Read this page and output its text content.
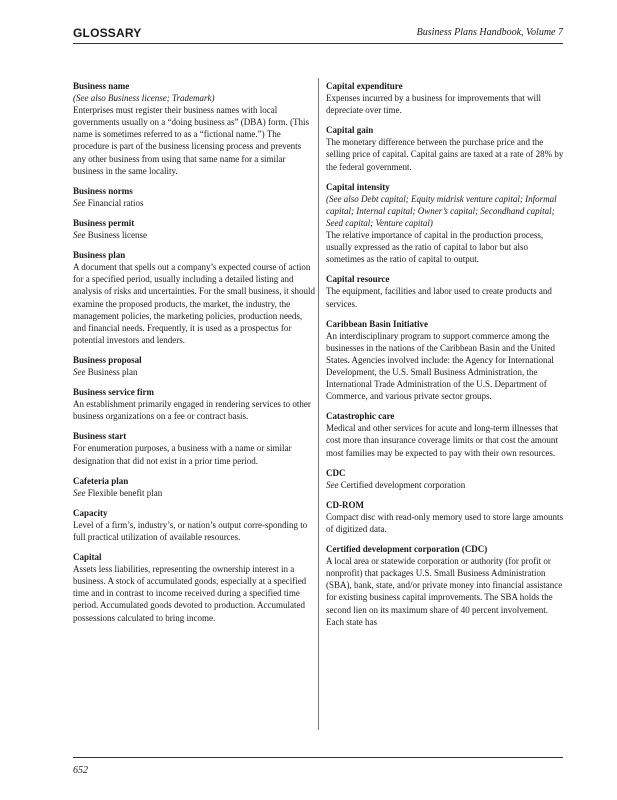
GLOSSARY	Business Plans Handbook, Volume 7
Business name
(See also Business license; Trademark)
Enterprises must register their business names with local governments usually on a “doing business as” (DBA) form. (This name is sometimes referred to as a “fictional name.”) The procedure is part of the business licensing process and prevents any other business from using that same name for a similar business in the same locality.
Business norms
See Financial ratios
Business permit
See Business license
Business plan
A document that spells out a company’s expected course of action for a specified period, usually including a detailed listing and analysis of risks and uncertainties. For the small business, it should examine the proposed products, the market, the industry, the management policies, the marketing policies, production needs, and financial needs. Frequently, it is used as a prospectus for potential investors and lenders.
Business proposal
See Business plan
Business service firm
An establishment primarily engaged in rendering services to other business organizations on a fee or contract basis.
Business start
For enumeration purposes, a business with a name or similar designation that did not exist in a prior time period.
Cafeteria plan
See Flexible benefit plan
Capacity
Level of a firm’s, industry’s, or nation’s output corre-sponding to full practical utilization of available resources.
Capital
Assets less liabilities, representing the ownership interest in a business. A stock of accumulated goods, especially at a specified time and in contrast to income received during a specified time period. Accumulated goods devoted to production. Accumulated possessions calculated to bring income.
Capital expenditure
Expenses incurred by a business for improvements that will depreciate over time.
Capital gain
The monetary difference between the purchase price and the selling price of capital. Capital gains are taxed at a rate of 28% by the federal government.
Capital intensity
(See also Debt capital; Equity midrisk venture capital; Informal capital; Internal capital; Owner’s capital; Secondhand capital; Seed capital; Venture capital)
The relative importance of capital in the production process, usually expressed as the ratio of capital to labor but also sometimes as the ratio of capital to output.
Capital resource
The equipment, facilities and labor used to create products and services.
Caribbean Basin Initiative
An interdisciplinary program to support commerce among the businesses in the nations of the Caribbean Basin and the United States. Agencies involved include: the Agency for International Development, the U.S. Small Business Administration, the International Trade Administration of the U.S. Department of Commerce, and various private sector groups.
Catastrophic care
Medical and other services for acute and long-term illnesses that cost more than insurance coverage limits or that cost the amount most families may be expected to pay with their own resources.
CDC
See Certified development corporation
CD-ROM
Compact disc with read-only memory used to store large amounts of digitized data.
Certified development corporation (CDC)
A local area or statewide corporation or authority (for profit or nonprofit) that packages U.S. Small Business Administration (SBA), bank, state, and/or private money into financial assistance for existing business capital improvements. The SBA holds the second lien on its maximum share of 40 percent involvement. Each state has
652
